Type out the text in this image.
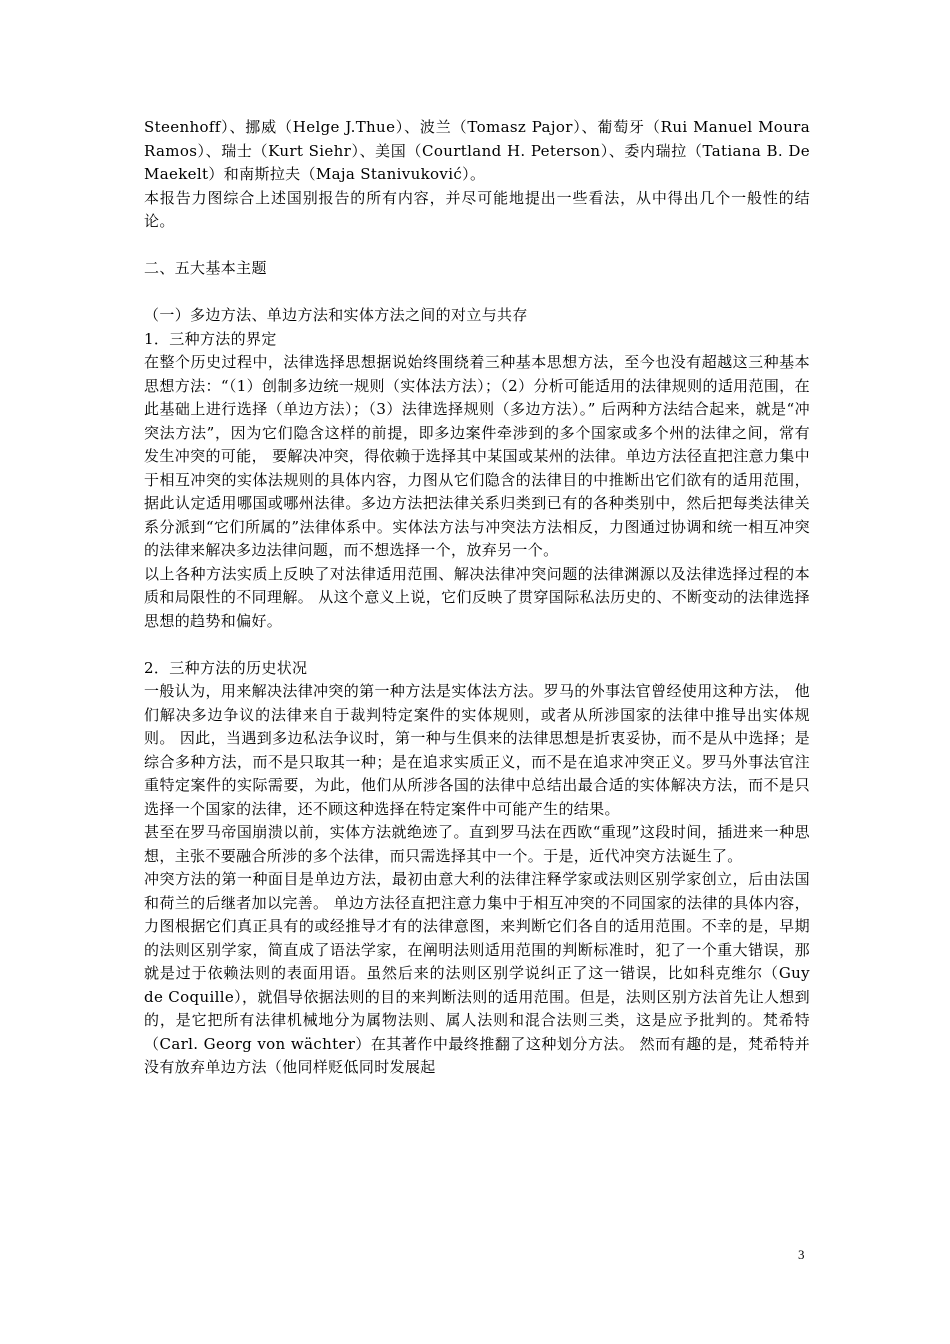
Steenhoff）、挪威（Helge J.Thue）、波兰（Tomasz Pajor）、葡萄牙（Rui Manuel Moura Ramos）、瑞士（Kurt Siehr）、美国（Courtland H. Peterson）、委内瑞拉（Tatiana B. De Maekelt）和南斯拉夫（Maja Stanivuković）。

本报告力图综合上述国别报告的所有内容，并尽可能地提出一些看法，从中得出几个一般性的结论。

二、五大基本主题

（一）多边方法、单边方法和实体方法之间的对立与共存

1．三种方法的界定

在整个历史过程中，法律选择思想据说始终围绕着三种基本思想方法，至今也没有超越这三种基本思想方法：“（1）创制多边统一规则（实体法方法）；（2）分析可能适用的法律规则的适用范围，在此基础上进行选择（单边方法）；（3）法律选择规则（多边方法）。” 后两种方法结合起来，就是“冲突法方法”，因为它们隐含这样的前提，即多边案件牵涉到的多个国家或多个州的法律之间，常有发生冲突的可能， 要解决冲突，得依赖于选择其中某国或某州的法律。单边方法径直把注意力集中于相互冲突的实体法规则的具体内容，力图从它们隐含的法律目的中推断出它们欲有的适用范围，据此认定适用哪国或哪州法律。多边方法把法律关系归类到已有的各种类别中，然后把每类法律关系分派到“它们所属的”法律体系中。实体法方法与冲突法方法相反，力图通过协调和统一相互冲突的法律来解决多边法律问题，而不想选择一个，放弃另一个。

以上各种方法实质上反映了对法律适用范围、解决法律冲突问题的法律渊源以及法律选择过程的本质和局限性的不同理解。 从这个意义上说，它们反映了贯穿国际私法历史的、不断变动的法律选择思想的趋势和偏好。

2．三种方法的历史状况

一般认为，用来解决法律冲突的第一种方法是实体法方法。罗马的外事法官曾经使用这种方法， 他们解决多边争议的法律来自于裁判特定案件的实体规则，或者从所涉国家的法律中推导出实体规则。 因此，当遇到多边私法争议时，第一种与生俱来的法律思想是折衷妥协，而不是从中选择；是综合多种方法，而不是只取其一种；是在追求实质正义，而不是在追求冲突正义。罗马外事法官注重特定案件的实际需要，为此，他们从所涉各国的法律中总结出最合适的实体解决方法，而不是只选择一个国家的法律，还不顾这种选择在特定案件中可能产生的结果。

甚至在罗马帝国崩溃以前，实体方法就绝迹了。直到罗马法在西欧“重现”这段时间，插进来一种思想，主张不要融合所涉的多个法律，而只需选择其中一个。于是，近代冲突方法诞生了。

冲突方法的第一种面目是单边方法，最初由意大利的法律注释学家或法则区别学家创立，后由法国和荷兰的后继者加以完善。 单边方法径直把注意力集中于相互冲突的不同国家的法律的具体内容，力图根据它们真正具有的或经推导才有的法律意图，来判断它们各自的适用范围。不幸的是，早期的法则区别学家，简直成了语法学家，在阐明法则适用范围的判断标准时，犯了一个重大错误，那就是过于依赖法则的表面用语。虽然后来的法则区别学说纠正了这一错误，比如科克维尔（Guy de Coquille），就倡导依据法则的目的来判断法则的适用范围。但是，法则区别方法首先让人想到的，是它把所有法律机械地分为属物法则、属人法则和混合法则三类，这是应予批判的。梵希特（Carl. Georg von wächter）在其著作中最终推翻了这种划分方法。 然而有趣的是，梵希特并没有放弃单边方法（他同样贬低同时发展起

3
